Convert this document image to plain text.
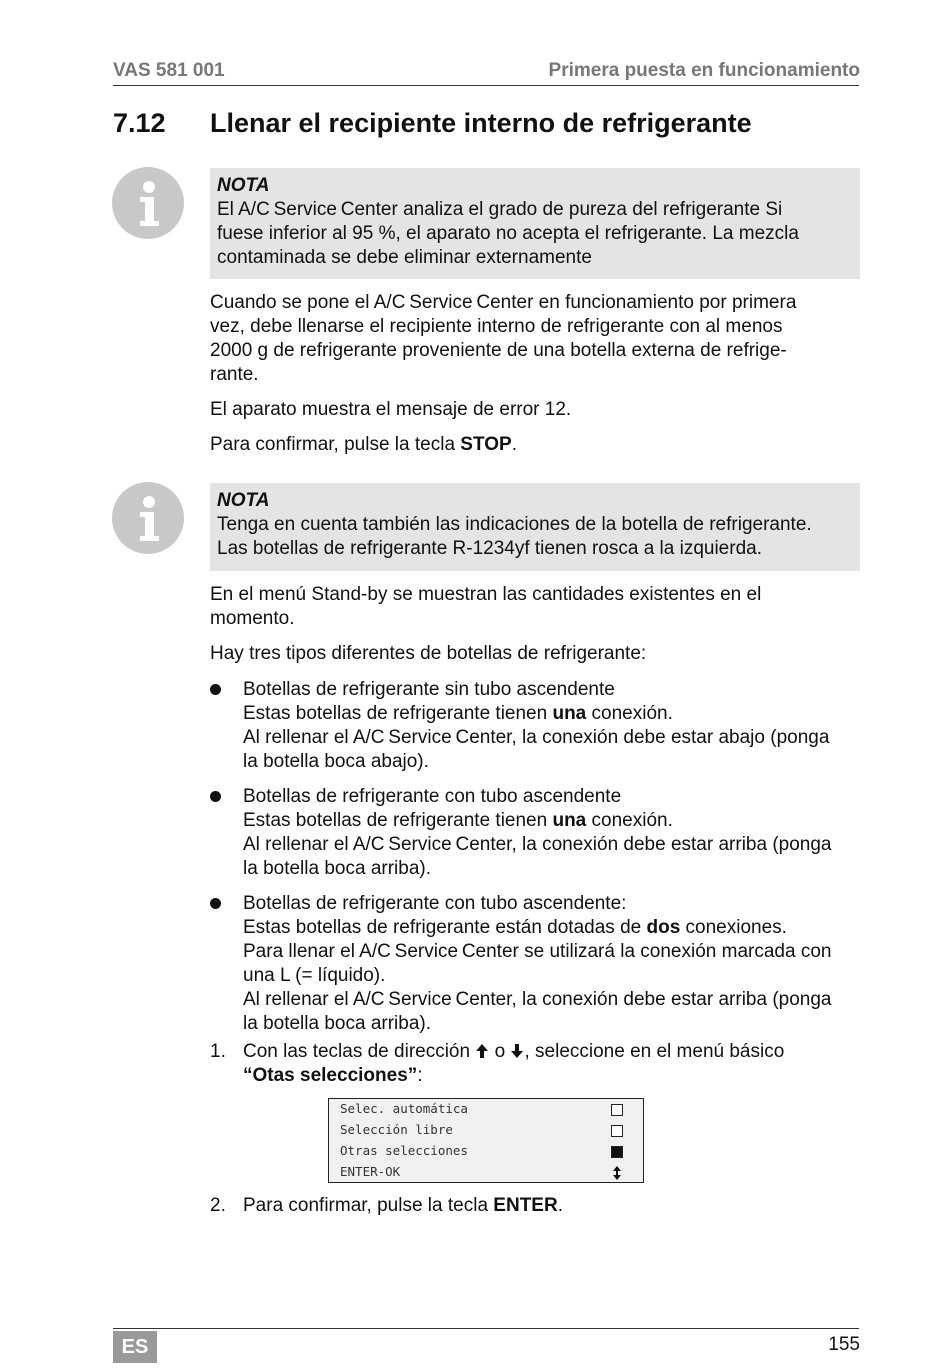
VAS 581 001	Primera puesta en funcionamiento
7.12 Llenar el recipiente interno de refrigerante
NOTA
El A/C Service Center analiza el grado de pureza del refrigerante Si
fuese inferior al 95 %, el aparato no acepta el refrigerante. La mezcla
contaminada se debe eliminar externamente
Cuando se pone el A/C Service Center en funcionamiento por primera
vez, debe llenarse el recipiente interno de refrigerante con al menos
2000 g de refrigerante proveniente de una botella externa de refrige-
rante.
El aparato muestra el mensaje de error 12.
Para confirmar, pulse la tecla STOP.
NOTA
Tenga en cuenta también las indicaciones de la botella de refrigerante.
Las botellas de refrigerante R-1234yf tienen rosca a la izquierda.
En el menú Stand-by se muestran las cantidades existentes en el
momento.
Hay tres tipos diferentes de botellas de refrigerante:
Botellas de refrigerante sin tubo ascendente
Estas botellas de refrigerante tienen una conexión.
Al rellenar el A/C Service Center, la conexión debe estar abajo (ponga
la botella boca abajo).
Botellas de refrigerante con tubo ascendente
Estas botellas de refrigerante tienen una conexión.
Al rellenar el A/C Service Center, la conexión debe estar arriba (ponga
la botella boca arriba).
Botellas de refrigerante con tubo ascendente:
Estas botellas de refrigerante están dotadas de dos conexiones.
Para llenar el A/C Service Center se utilizará la conexión marcada con
una L (= líquido).
Al rellenar el A/C Service Center, la conexión debe estar arriba (ponga
la botella boca arriba).
1. Con las teclas de dirección  o , seleccione en el menú básico
“Otas selecciones”:
Selec. automática
Selección libre
Otras selecciones
ENTER-OK
2. Para confirmar, pulse la tecla ENTER.
ES	155
